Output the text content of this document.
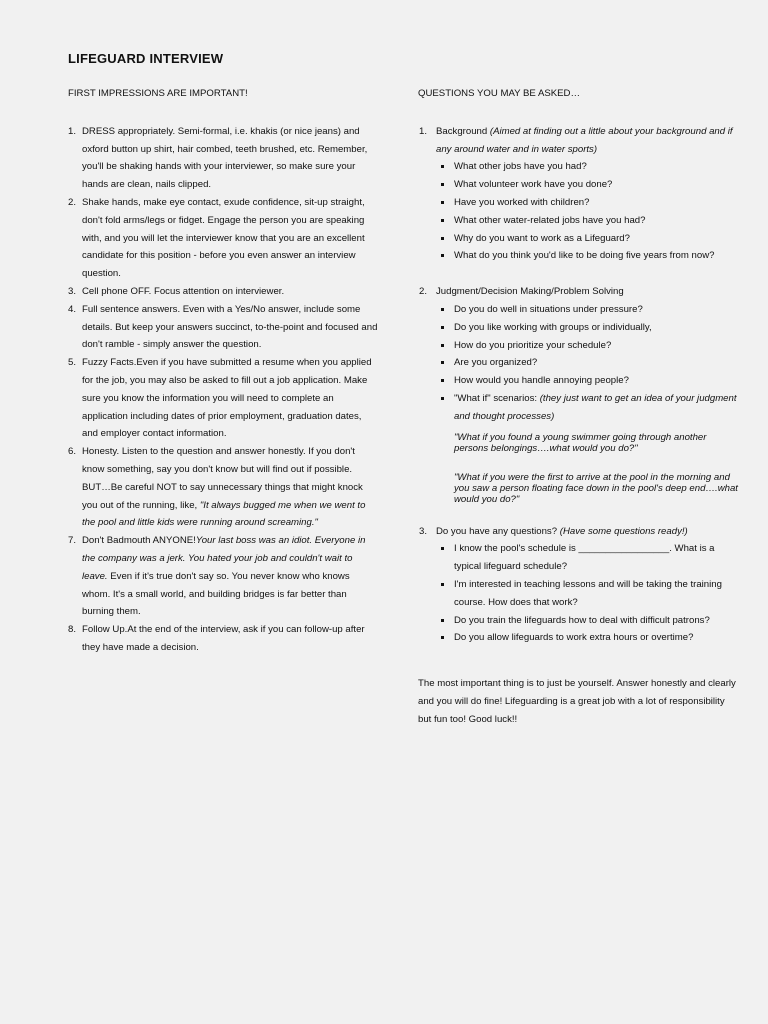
LIFEGUARD INTERVIEW
FIRST IMPRESSIONS ARE IMPORTANT!
1. DRESS appropriately. Semi-formal, i.e. khakis (or nice jeans) and oxford button up shirt, hair combed, teeth brushed, etc. Remember, you'll be shaking hands with your interviewer, so make sure your hands are clean, nails clipped.
2. Shake hands, make eye contact, exude confidence, sit-up straight, don't fold arms/legs or fidget. Engage the person you are speaking with, and you will let the interviewer know that you are an excellent candidate for this position - before you even answer an interview question.
3. Cell phone OFF. Focus attention on interviewer.
4. Full sentence answers. Even with a Yes/No answer, include some details. But keep your answers succinct, to-the-point and focused and don't ramble - simply answer the question.
5. Fuzzy Facts.Even if you have submitted a resume when you applied for the job, you may also be asked to fill out a job application. Make sure you know the information you will need to complete an application including dates of prior employment, graduation dates, and employer contact information.
6. Honesty. Listen to the question and answer honestly. If you don't know something, say you don't know but will find out if possible. BUT…Be careful NOT to say unnecessary things that might knock you out of the running, like, "It always bugged me when we went to the pool and little kids were running around screaming."
7. Don't Badmouth ANYONE!Your last boss was an idiot. Everyone in the company was a jerk. You hated your job and couldn't wait to leave. Even if it's true don't say so. You never know who knows whom. It's a small world, and building bridges is far better than burning them.
8. Follow Up.At the end of the interview, ask if you can follow-up after they have made a decision.
QUESTIONS YOU MAY BE ASKED…
1. Background (Aimed at finding out a little about your background and if any around water and in water sports)
What other jobs have you had?
What volunteer work have you done?
Have you worked with children?
What other water-related jobs have you had?
Why do you want to work as a Lifeguard?
What do you think you'd like to be doing five years from now?
2. Judgment/Decision Making/Problem Solving
Do you do well in situations under pressure?
Do you like working with groups or individually,
How do you prioritize your schedule?
Are you organized?
How would you handle annoying people?
"What if" scenarios: (they just want to get an idea of your judgment and thought processes)

"What if you found a young swimmer going through another persons belongings….what would you do?"

"What if you were the first to arrive at the pool in the morning and you saw a person floating face down in the pool's deep end….what would you do?"

3. Do you have any questions? (Have some questions ready!)
I know the pool's schedule is _________________. What is a typical lifeguard schedule?
I'm interested in teaching lessons and will be taking the training course. How does that work?
Do you train the lifeguards how to deal with difficult patrons?
Do you allow lifeguards to work extra hours or overtime?
The most important thing is to just be yourself. Answer honestly and clearly and you will do fine! Lifeguarding is a great job with a lot of responsibility but fun too! Good luck!!
